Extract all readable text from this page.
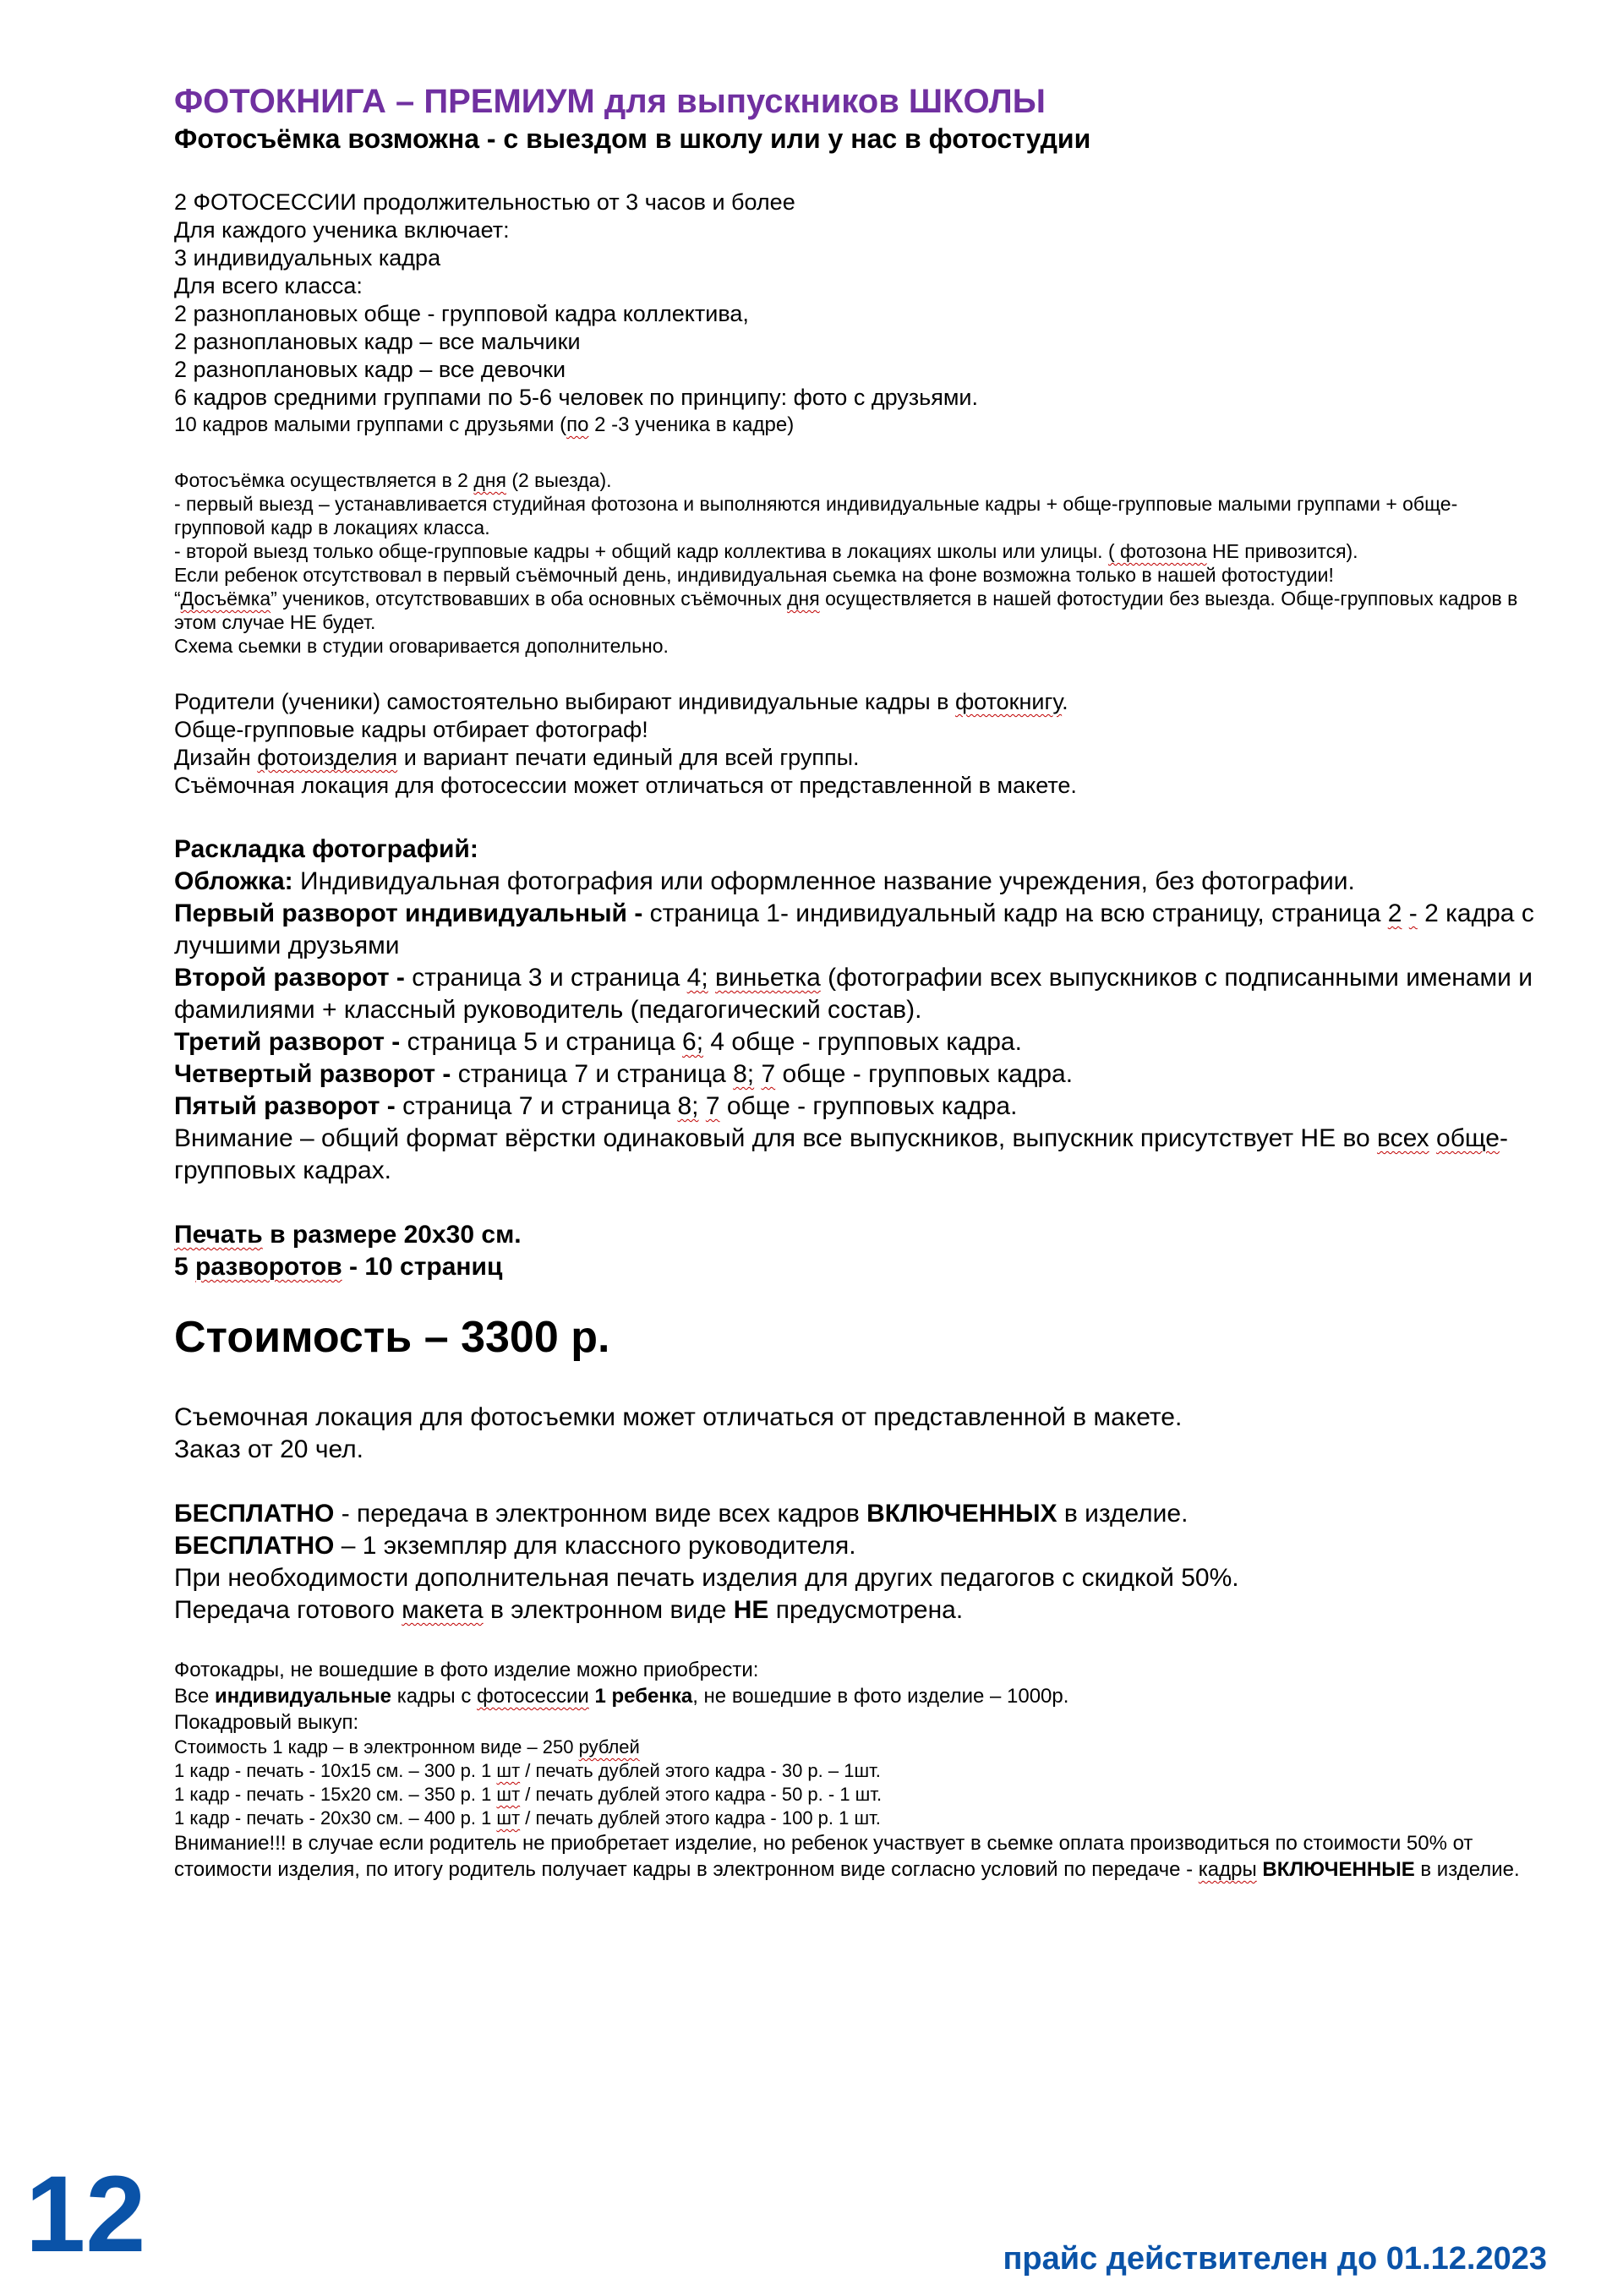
ФОТОКНИГА – ПРЕМИУМ для выпускников ШКОЛЫ
Фотосъёмка возможна - с выездом в школу или у нас в фотостудии

2 ФОТОСЕССИИ продолжительностью от 3 часов и более

Для каждого ученика включает:

3 индивидуальных кадра

Для всего класса:

2 разноплановых обще - групповой кадра коллектива,

2 разноплановых кадр – все мальчики

2 разноплановых кадр – все девочки

6 кадров средними группами по 5-6 человек по принципу: фото с друзьями.

10 кадров малыми группами с друзьями (по 2 -3 ученика в кадре)

Фотосъёмка осуществляется в 2 дня (2 выезда).

- первый выезд – устанавливается студийная фотозона и выполняются индивидуальные кадры + обще-групповые малыми группами + обще-групповой кадр в локациях класса.

- второй выезд только обще-групповые кадры + общий кадр коллектива в локациях школы или улицы. ( фотозона НЕ привозится).

Если ребенок отсутствовал в первый съёмочный день, индивидуальная сьемка на фоне возможна только в нашей фотостудии!

“Досъёмка” учеников, отсутствовавших в оба основных съёмочных дня осуществляется в нашей фотостудии без выезда. Обще-групповых кадров в этом случае НЕ будет.

Схема сьемки в студии оговаривается дополнительно.

Родители (ученики) самостоятельно выбирают индивидуальные кадры в фотокнигу.

Обще-групповые кадры отбирает фотограф!

Дизайн фотоизделия и вариант печати единый для всей группы.

Съёмочная локация для фотосессии может отличаться от представленной в макете.

Раскладка фотографий:

Обложка: Индивидуальная фотография или оформленное название учреждения, без фотографии.

Первый разворот индивидуальный - страница 1- индивидуальный кадр на всю страницу, страница 2 - 2 кадра с лучшими друзьями

Второй разворот - страница 3 и страница 4; виньетка (фотографии всех выпускников с подписанными именами и фамилиями + классный руководитель (педагогический состав).

Третий разворот - страница 5 и страница 6; 4 обще - групповых кадра.

Четвертый разворот - страница 7 и страница 8; 7 обще - групповых кадра.

Пятый разворот - страница 7 и страница 8; 7 обще - групповых кадра.

Внимание – общий формат вёрстки одинаковый для все выпускников, выпускник присутствует НЕ во всех обще-групповых кадрах.

Печать в размере 20х30 см.

5 разворотов - 10 страниц

Стоимость – 3300 р.

Съемочная локация для фотосъемки может отличаться от представленной в макете.

Заказ от 20 чел.

БЕСПЛАТНО - передача в электронном виде всех кадров ВКЛЮЧЕННЫХ в изделие.

БЕСПЛАТНО – 1 экземпляр для классного руководителя.

При необходимости дополнительная печать изделия для других педагогов с скидкой 50%.

Передача готового макета в электронном виде НЕ предусмотрена.

Фотокадры, не вошедшие в фото изделие можно приобрести:

Все индивидуальные кадры с фотосессии 1 ребенка, не вошедшие в фото изделие – 1000р.

Покадровый выкуп:

Стоимость 1 кадр – в электронном виде – 250 рублей

1 кадр - печать - 10х15 см. – 300 р. 1 шт / печать дублей этого кадра - 30 р. – 1шт.

1 кадр - печать - 15х20 см. – 350 р. 1 шт / печать дублей этого кадра - 50 р. - 1 шт.

1 кадр - печать - 20х30 см. – 400 р. 1 шт / печать дублей этого кадра - 100 р. 1 шт.

Внимание!!! в случае если родитель не приобретает изделие, но ребенок участвует в сьемке оплата производиться по стоимости 50% от стоимости изделия, по итогу родитель получает кадры в электронном виде согласно условий по передаче - кадры ВКЛЮЧЕННЫЕ в изделие.

12	прайс действителен до 01.12.2023
